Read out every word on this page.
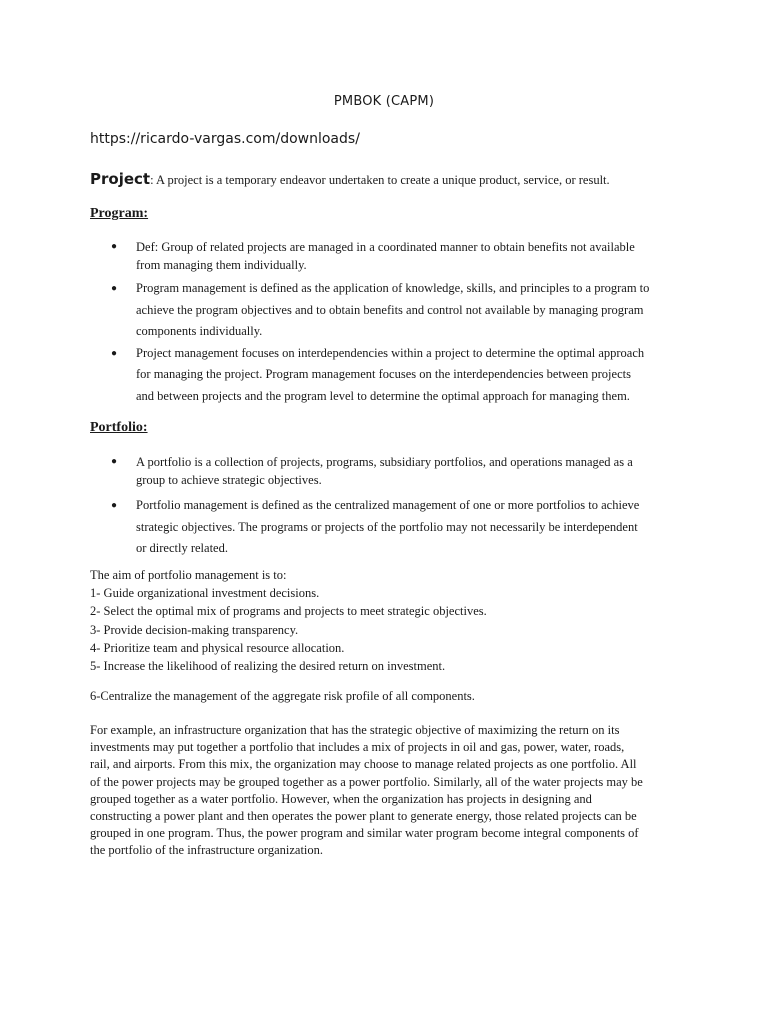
PMBOK (CAPM)
https://ricardo-vargas.com/downloads/
Project: A project is a temporary endeavor undertaken to create a unique product, service, or result.
Program:
● Def: Group of related projects are managed in a coordinated manner to obtain benefits not available
from managing them individually.
● Program management is defined as the application of knowledge, skills, and principles to a program to
achieve the program objectives and to obtain benefits and control not available by managing program
components individually.
● Project management focuses on interdependencies within a project to determine the optimal approach
for managing the project. Program management focuses on the interdependencies between projects
and between projects and the program level to determine the optimal approach for managing them.
Portfolio:
● A portfolio is a collection of projects, programs, subsidiary portfolios, and operations managed as a
group to achieve strategic objectives.
● Portfolio management is defined as the centralized management of one or more portfolios to achieve
strategic objectives. The programs or projects of the portfolio may not necessarily be interdependent
or directly related.
The aim of portfolio management is to:
1- Guide organizational investment decisions.
2- Select the optimal mix of programs and projects to meet strategic objectives.
3- Provide decision-making transparency.
4- Prioritize team and physical resource allocation.
5- Increase the likelihood of realizing the desired return on investment.
6-Centralize the management of the aggregate risk profile of all components.
For example, an infrastructure organization that has the strategic objective of maximizing the return on its
investments may put together a portfolio that includes a mix of projects in oil and gas, power, water, roads,
rail, and airports. From this mix, the organization may choose to manage related projects as one portfolio. All
of the power projects may be grouped together as a power portfolio. Similarly, all of the water projects may be
grouped together as a water portfolio. However, when the organization has projects in designing and
constructing a power plant and then operates the power plant to generate energy, those related projects can be
grouped in one program. Thus, the power program and similar water program become integral components of
the portfolio of the infrastructure organization.
